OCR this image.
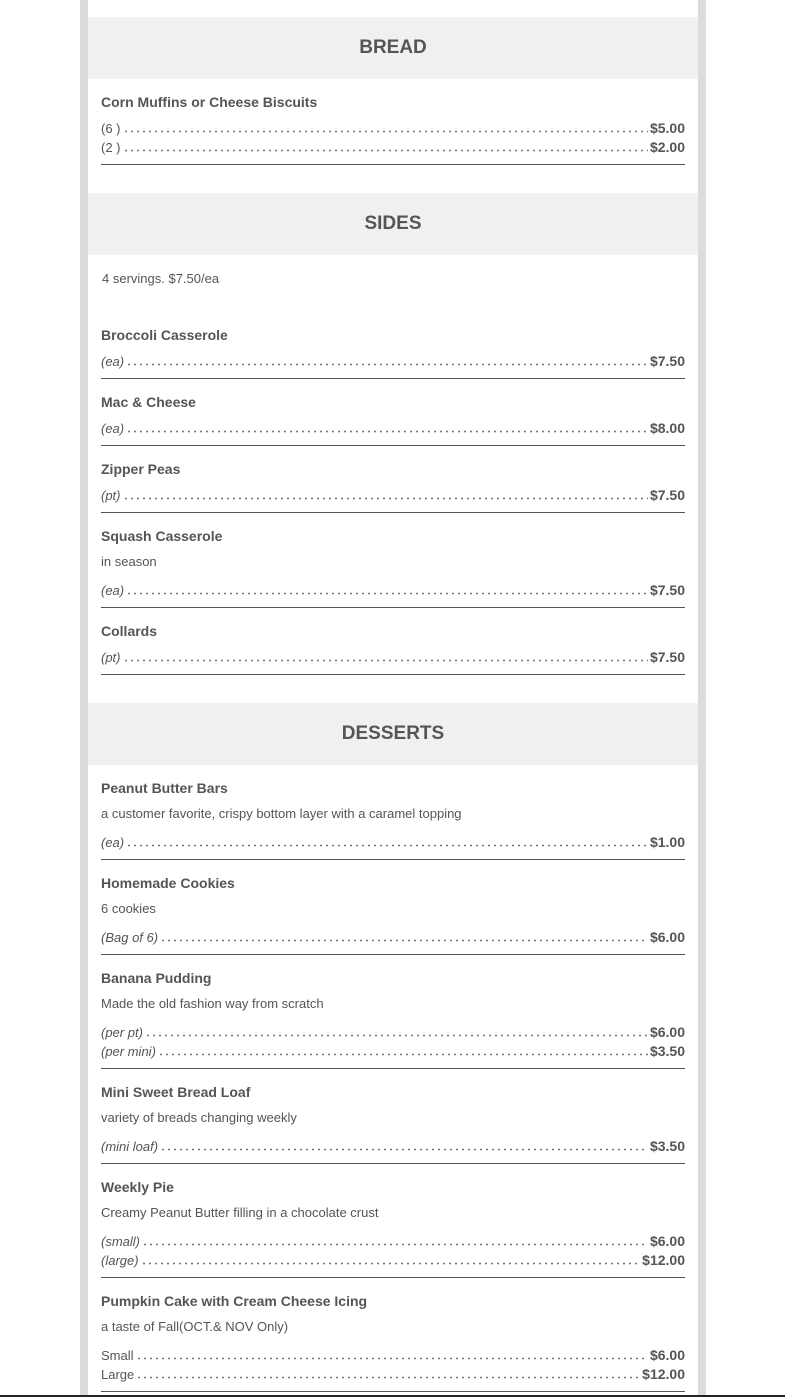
BREAD
Corn Muffins or Cheese Biscuits
(6 )	$5.00
(2 )	$2.00
SIDES
4 servings. $7.50/ea
Broccoli Casserole
(ea)	$7.50
Mac & Cheese
(ea)	$8.00
Zipper Peas
(pt)	$7.50
Squash Casserole
in season
(ea)	$7.50
Collards
(pt)	$7.50
DESSERTS
Peanut Butter Bars
a customer favorite, crispy bottom layer with a caramel topping
(ea)	$1.00
Homemade Cookies
6 cookies
(Bag of 6)	$6.00
Banana Pudding
Made the old fashion way from scratch
(per pt)	$6.00
(per mini)	$3.50
Mini Sweet Bread Loaf
variety of breads changing weekly
(mini loaf)	$3.50
Weekly Pie
Creamy Peanut Butter filling in a chocolate crust
(small)	$6.00
(large)	$12.00
Pumpkin Cake with Cream Cheese Icing
a taste of Fall(OCT.& NOV Only)
Small	$6.00
Large	$12.00
